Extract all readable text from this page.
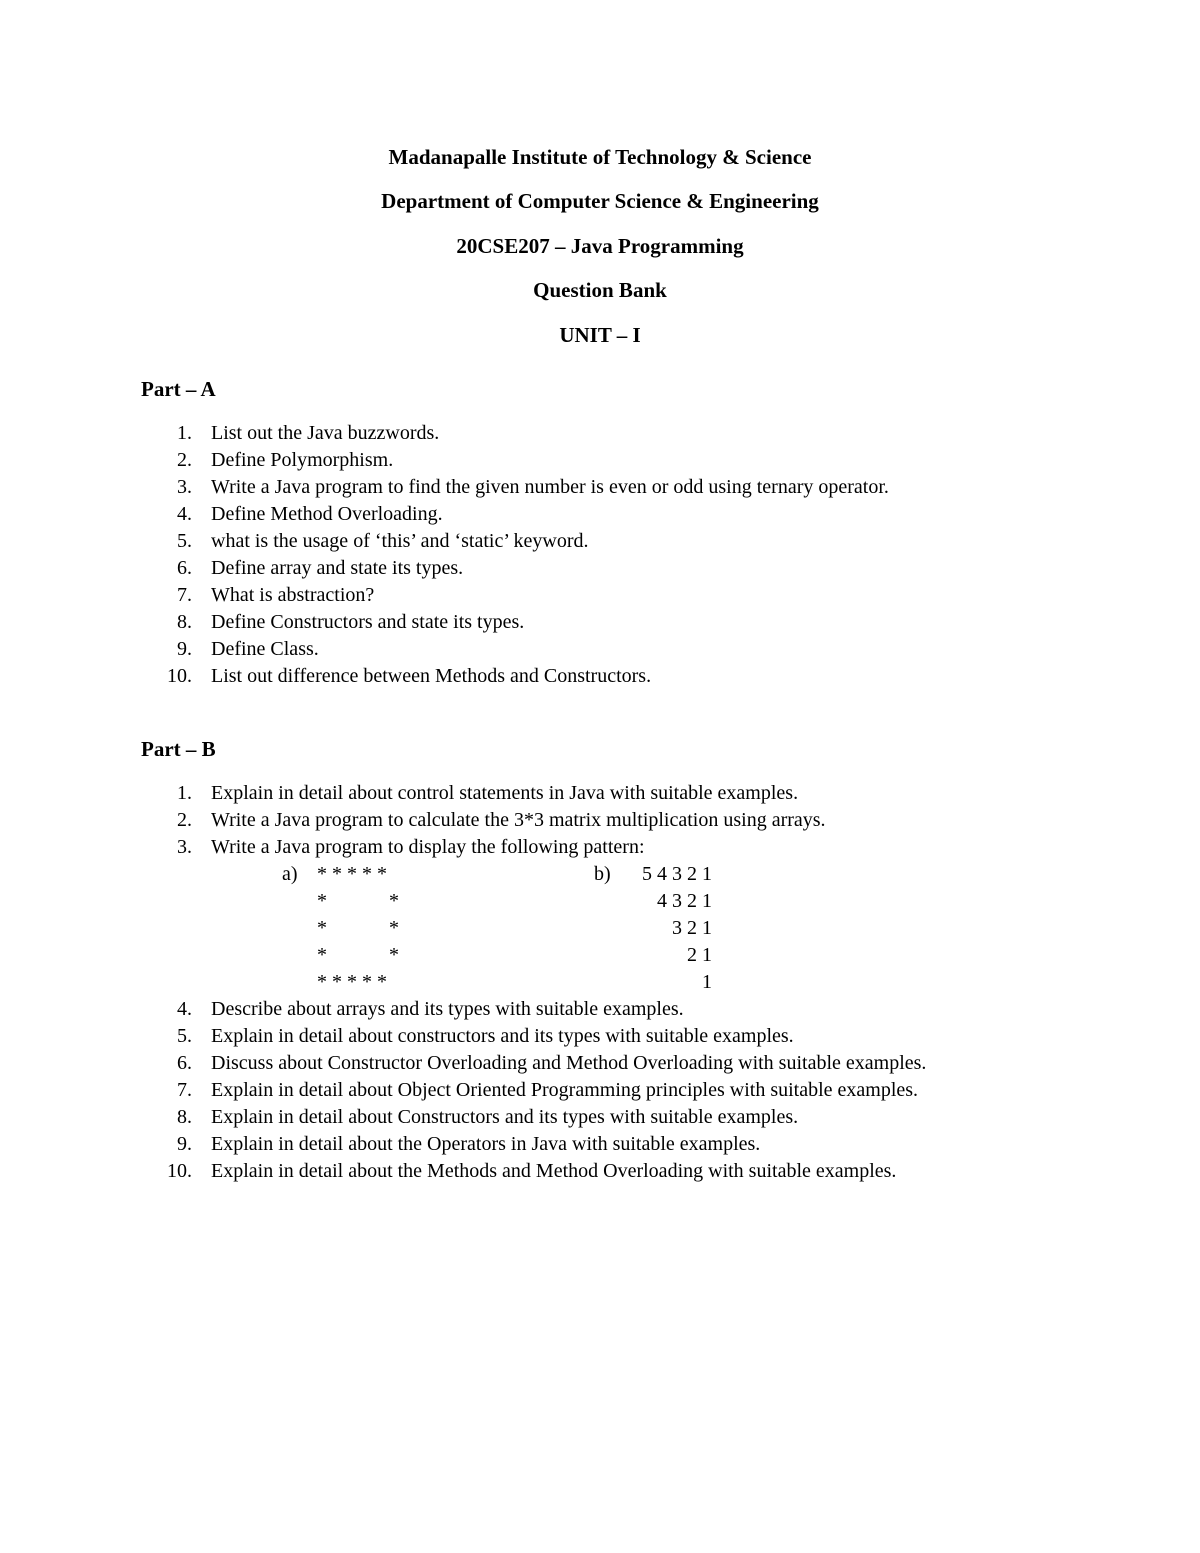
Madanapalle Institute of Technology & Science
Department of Computer Science & Engineering
20CSE207 – Java Programming
Question Bank
UNIT – I
Part – A
1. List out the Java buzzwords.
2. Define Polymorphism.
3. Write a Java program to find the given number is even or odd using ternary operator.
4. Define Method Overloading.
5. what is the usage of ‘this’ and ‘static’ keyword.
6. Define array and state its types.
7. What is abstraction?
8. Define Constructors and state its types.
9. Define Class.
10. List out difference between Methods and Constructors.
Part – B
1. Explain in detail about control statements in Java with suitable examples.
2. Write a Java program to calculate the 3*3 matrix multiplication using arrays.
3. Write a Java program to display the following pattern:
a) * * * * *
*	*
*	*
*	*
* * * * *
b)	5 4 3 2 1
4 3 2 1
3 2 1
2 1
1
4. Describe about arrays and its types with suitable examples.
5. Explain in detail about constructors and its types with suitable examples.
6. Discuss about Constructor Overloading and Method Overloading with suitable examples.
7. Explain in detail about Object Oriented Programming principles with suitable examples.
8. Explain in detail about Constructors and its types with suitable examples.
9. Explain in detail about the Operators in Java with suitable examples.
10. Explain in detail about the Methods and Method Overloading with suitable examples.
